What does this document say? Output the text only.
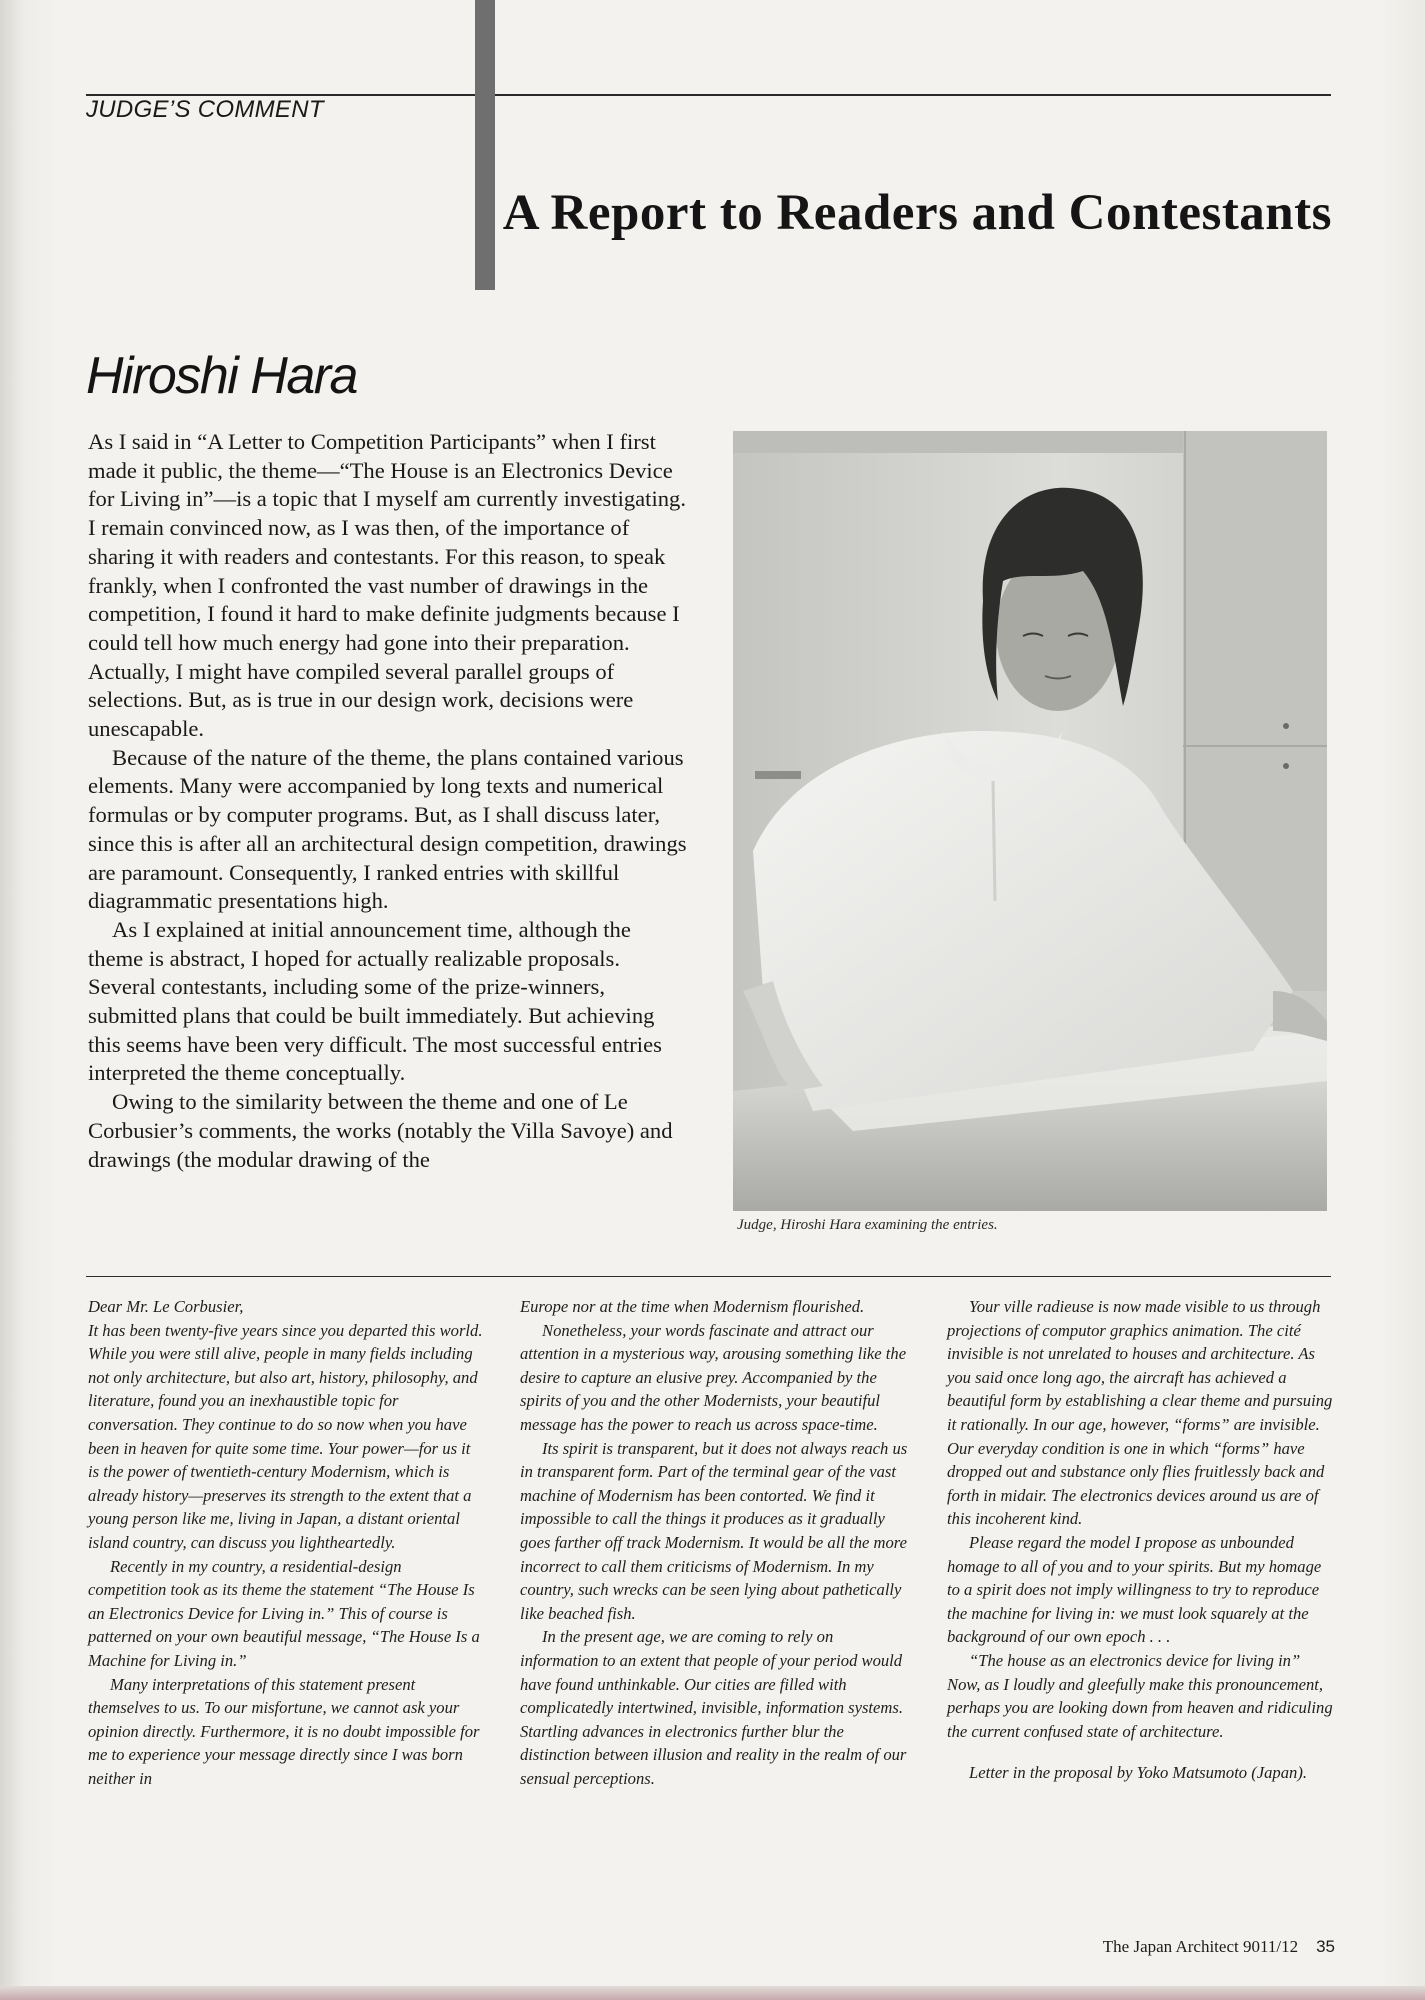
JUDGE’S COMMENT
A Report to Readers and Contestants
Hiroshi Hara

As I said in “A Letter to Competition Participants” when I first made it public, the theme—“The House is an Electronics Device for Living in”—is a topic that I myself am currently investigating. I remain convinced now, as I was then, of the importance of sharing it with readers and contestants. For this reason, to speak frankly, when I confronted the vast number of drawings in the competition, I found it hard to make definite judgments because I could tell how much energy had gone into their preparation. Actually, I might have compiled several parallel groups of selections. But, as is true in our design work, decisions were unescapable.

Because of the nature of the theme, the plans contained various elements. Many were accompanied by long texts and numerical formulas or by computer programs. But, as I shall discuss later, since this is after all an architectural design competition, drawings are paramount. Consequently, I ranked entries with skillful diagrammatic presentations high.

As I explained at initial announcement time, although the theme is abstract, I hoped for actually realizable proposals. Several contestants, including some of the prize-winners, submitted plans that could be built immediately. But achieving this seems have been very difficult. The most successful entries interpreted the theme conceptually.

Owing to the similarity between the theme and one of Le Corbusier’s comments, the works (notably the Villa Savoye) and drawings (the modular drawing of the

Judge, Hiroshi Hara examining the entries.

Dear Mr. Le Corbusier,

It has been twenty-five years since you departed this world. While you were still alive, people in many fields including not only architecture, but also art, history, philosophy, and literature, found you an inexhaustible topic for conversation. They continue to do so now when you have been in heaven for quite some time. Your power—for us it is the power of twentieth-century Modernism, which is already history—preserves its strength to the extent that a young person like me, living in Japan, a distant oriental island country, can discuss you lightheartedly.

Recently in my country, a residential-design competition took as its theme the statement “The House Is an Electronics Device for Living in.” This of course is patterned on your own beautiful message, “The House Is a Machine for Living in.”

Many interpretations of this statement present themselves to us. To our misfortune, we cannot ask your opinion directly. Furthermore, it is no doubt impossible for me to experience your message directly since I was born neither in

Europe nor at the time when Modernism flourished.

Nonetheless, your words fascinate and attract our attention in a mysterious way, arousing something like the desire to capture an elusive prey. Accompanied by the spirits of you and the other Modernists, your beautiful message has the power to reach us across space-time.

Its spirit is transparent, but it does not always reach us in transparent form. Part of the terminal gear of the vast machine of Modernism has been contorted. We find it impossible to call the things it produces as it gradually goes farther off track Modernism. It would be all the more incorrect to call them criticisms of Modernism. In my country, such wrecks can be seen lying about pathetically like beached fish.

In the present age, we are coming to rely on information to an extent that people of your period would have found unthinkable. Our cities are filled with complicatedly intertwined, invisible, information systems. Startling advances in electronics further blur the distinction between illusion and reality in the realm of our sensual perceptions.

Your ville radieuse is now made visible to us through projections of computor graphics animation. The cité invisible is not unrelated to houses and architecture. As you said once long ago, the aircraft has achieved a beautiful form by establishing a clear theme and pursuing it rationally. In our age, however, “forms” are invisible. Our everyday condition is one in which “forms” have dropped out and substance only flies fruitlessly back and forth in midair. The electronics devices around us are of this incoherent kind.

Please regard the model I propose as unbounded homage to all of you and to your spirits. But my homage to a spirit does not imply willingness to try to reproduce the machine for living in: we must look squarely at the background of our own epoch . . .

“The house as an electronics device for living in” Now, as I loudly and gleefully make this pronouncement, perhaps you are looking down from heaven and ridiculing the current confused state of architecture.

Letter in the proposal by Yoko Matsumoto (Japan).

The Japan Architect 9011/12 35
